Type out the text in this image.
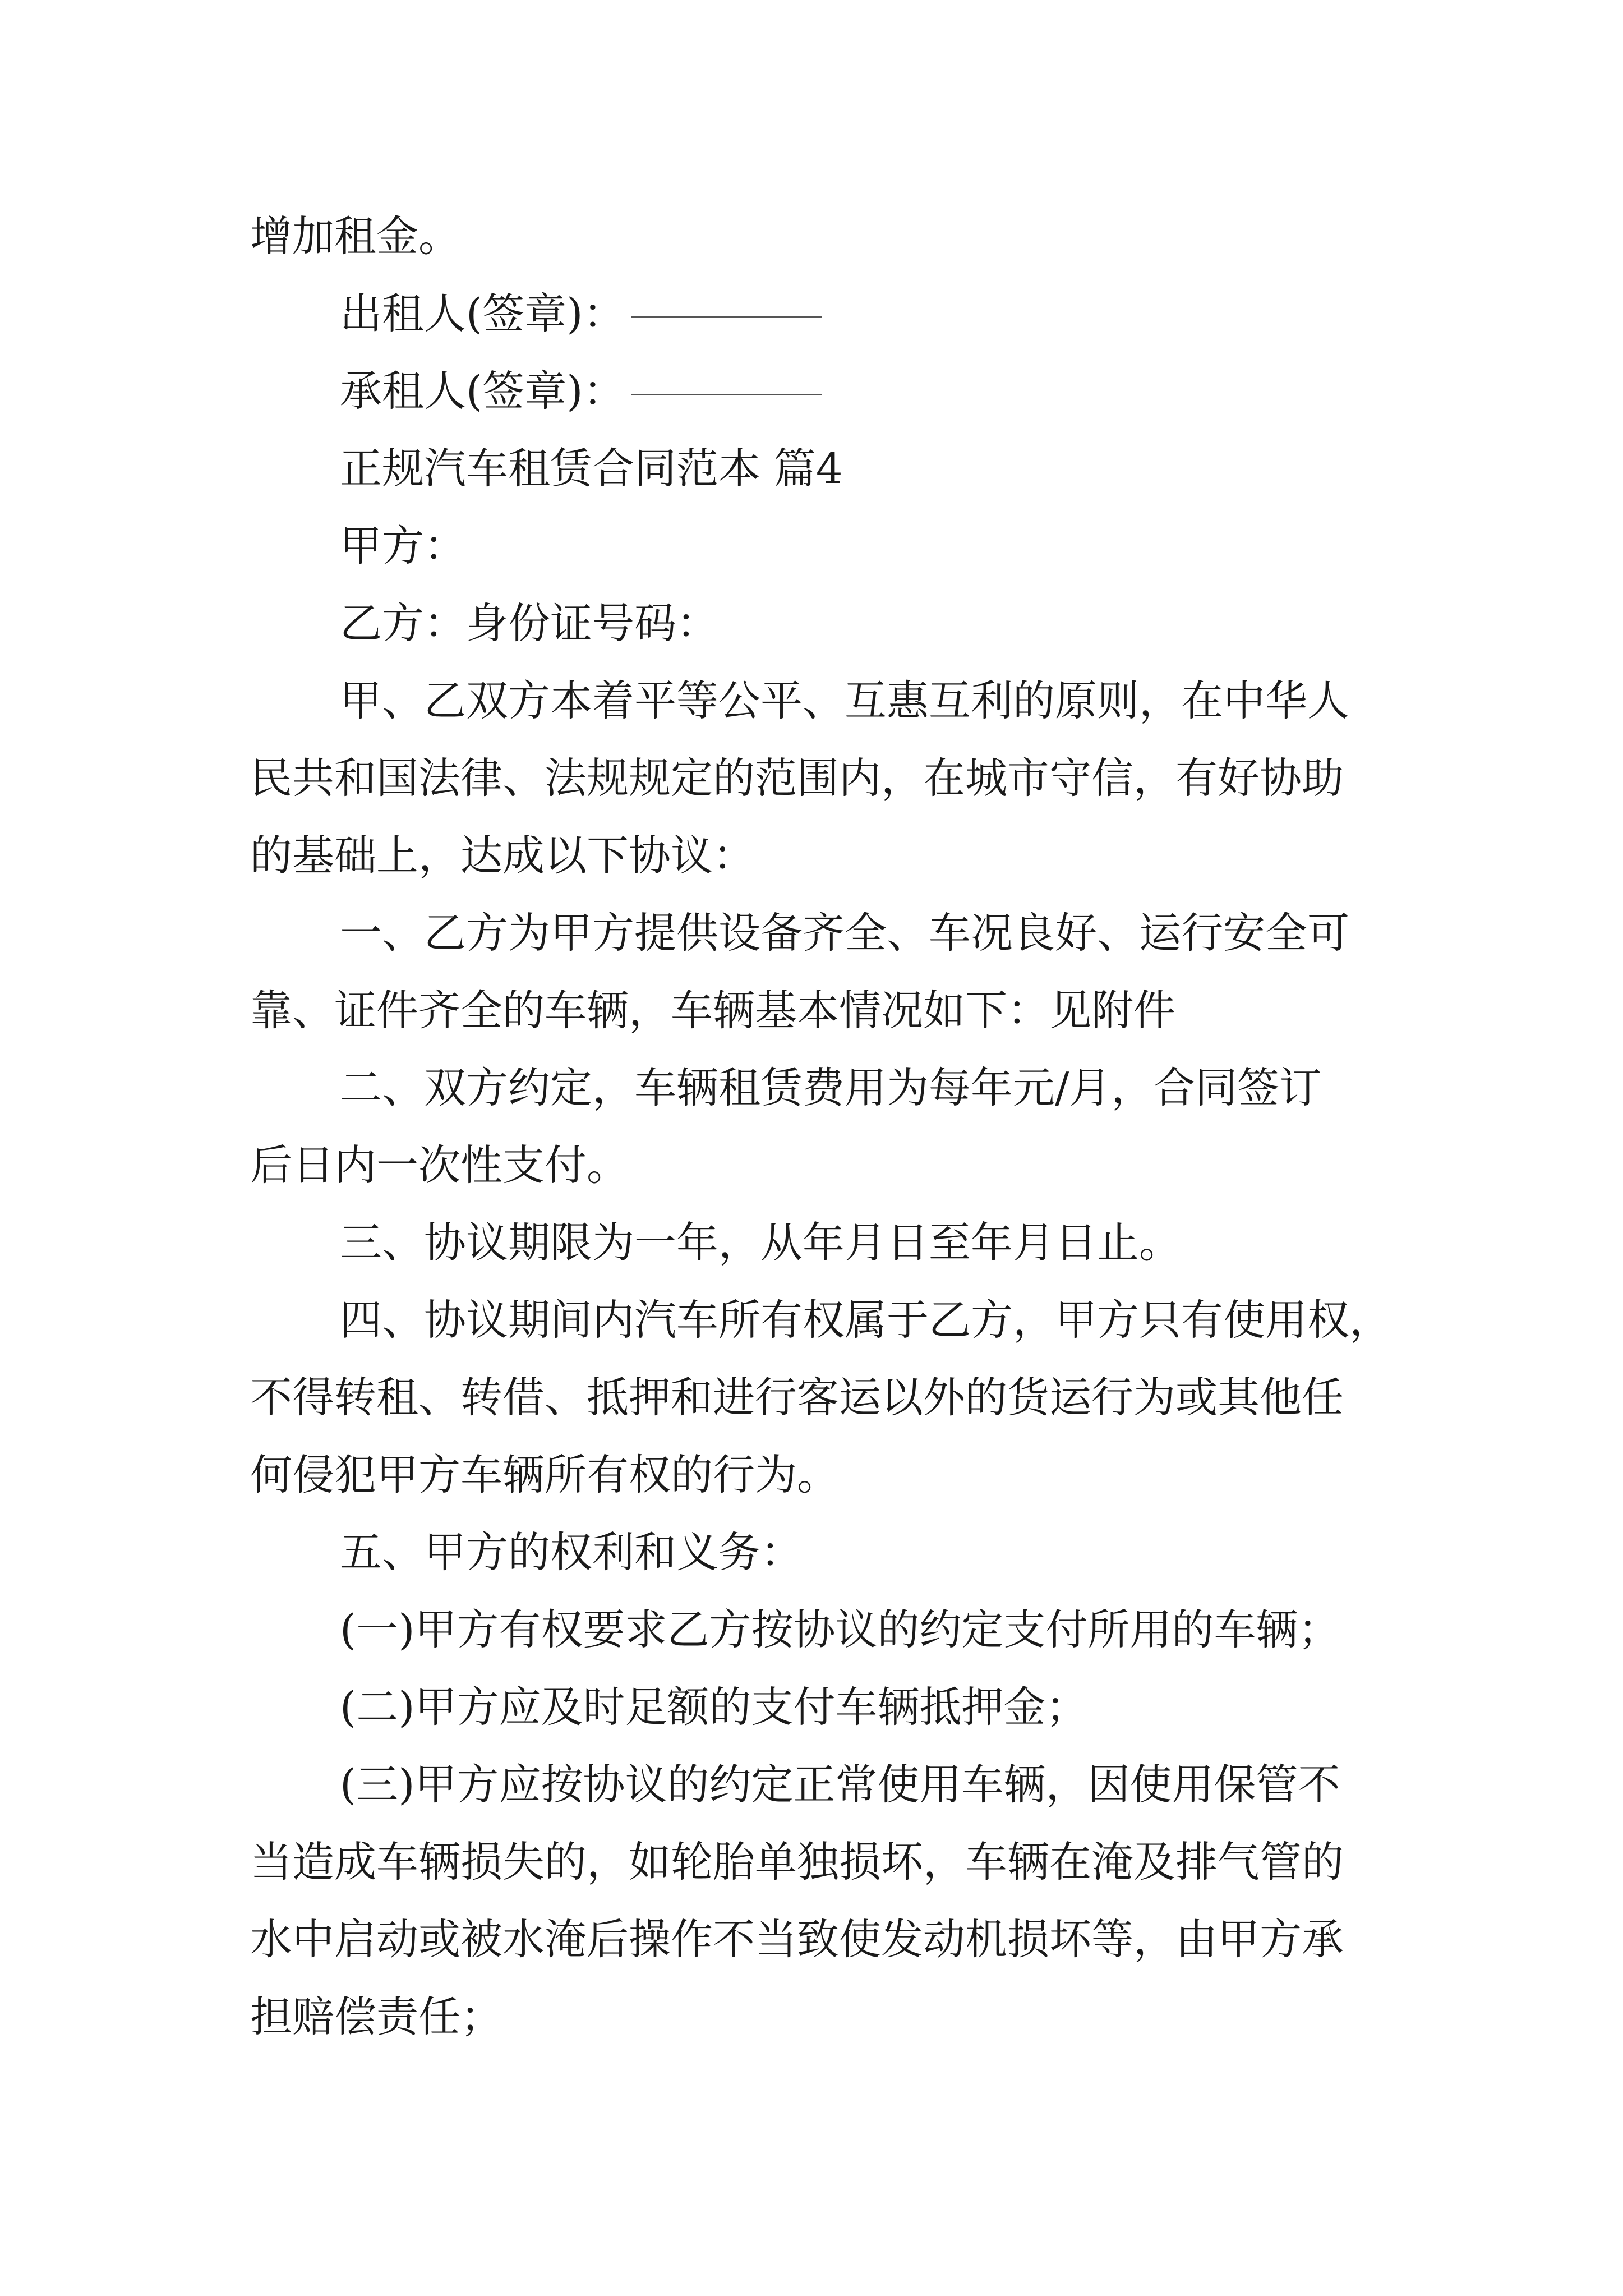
增加租金。
出租人(签章)：
承租人(签章)：
正规汽车租赁合同范本 篇4
甲方：
乙方：身份证号码：
甲、乙双方本着平等公平、互惠互利的原则，在中华人
民共和国法律、法规规定的范围内，在城市守信，有好协助
的基础上，达成以下协议：
一、乙方为甲方提供设备齐全、车况良好、运行安全可
靠、证件齐全的车辆，车辆基本情况如下：见附件
二、双方约定，车辆租赁费用为每年元/月，合同签订
后日内一次性支付。
三、协议期限为一年，从年月日至年月日止。
四、协议期间内汽车所有权属于乙方，甲方只有使用权，
不得转租、转借、抵押和进行客运以外的货运行为或其他任
何侵犯甲方车辆所有权的行为。
五、甲方的权利和义务：
(一)甲方有权要求乙方按协议的约定支付所用的车辆；
(二)甲方应及时足额的支付车辆抵押金；
(三)甲方应按协议的约定正常使用车辆，因使用保管不
当造成车辆损失的，如轮胎单独损坏，车辆在淹及排气管的
水中启动或被水淹后操作不当致使发动机损坏等，由甲方承
担赔偿责任；
